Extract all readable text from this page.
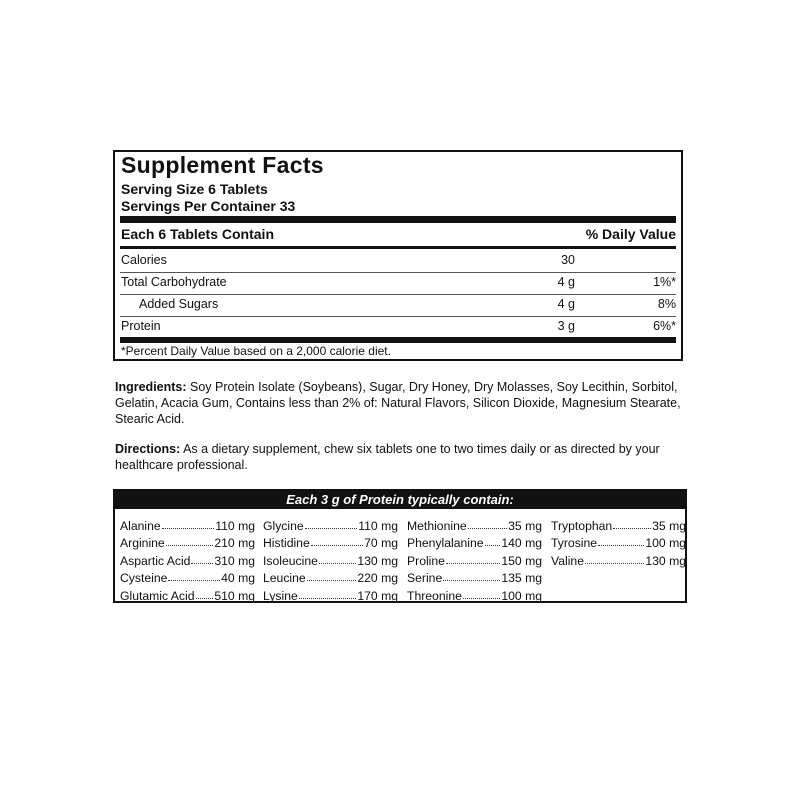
Supplement Facts
Serving Size 6 Tablets
Servings Per Container 33
Each 6 Tablets Contain	% Daily Value
Calories	30
Total Carbohydrate	4 g	1%*
Added Sugars	4 g	8%
Protein	3 g	6%*
*Percent Daily Value based on a 2,000 calorie diet.
Ingredients: Soy Protein Isolate (Soybeans), Sugar, Dry Honey, Dry Molasses, Soy Lecithin, Sorbitol, Gelatin, Acacia Gum, Contains less than 2% of: Natural Flavors, Silicon Dioxide, Magnesium Stearate, Stearic Acid.
Directions: As a dietary supplement, chew six tablets one to two times daily or as directed by your healthcare professional.
Each 3 g of Protein typically contain:
Alanine	110 mg
Arginine	210 mg
Aspartic Acid 310 mg
Cysteine	40 mg
Glutamic Acid 510 mg
Glycine	110 mg
Histidine	70 mg
Isoleucine	130 mg
Leucine	220 mg
Lysine	170 mg
Methionine	35 mg
Phenylalanine 140 mg
Proline	150 mg
Serine	135 mg
Threonine	100 mg
Tryptophan	35 mg
Tyrosine	100 mg
Valine	130 mg
